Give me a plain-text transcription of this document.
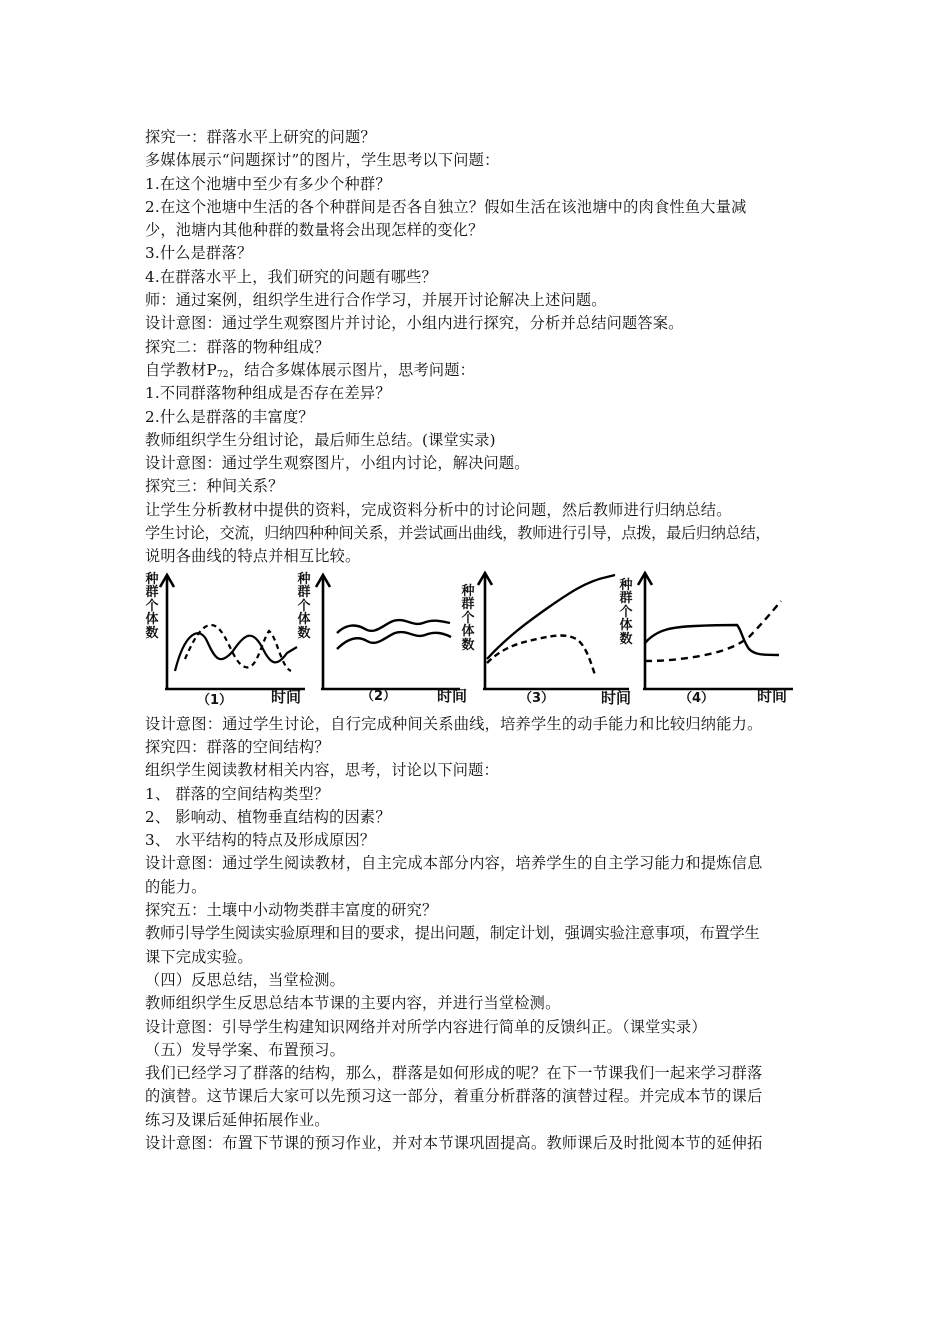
探究一：群落水平上研究的问题？
多媒体展示“问题探讨”的图片，学生思考以下问题：
1.在这个池塘中至少有多少个种群？
2.在这个池塘中生活的各个种群间是否各自独立？假如生活在该池塘中的肉食性鱼大量减
少，池塘内其他种群的数量将会出现怎样的变化？
3.什么是群落？
4.在群落水平上，我们研究的问题有哪些？
师：通过案例，组织学生进行合作学习，并展开讨论解决上述问题。
设计意图：通过学生观察图片并讨论，小组内进行探究，分析并总结问题答案。
探究二：群落的物种组成？
自学教材$P_{72}$，结合多媒体展示图片，思考问题：
1.不同群落物种组成是否存在差异？
2.什么是群落的丰富度？
教师组织学生分组讨论，最后师生总结。(课堂实录)
设计意图：通过学生观察图片，小组内讨论，解决问题。
探究三：种间关系？
让学生分析教材中提供的资料，完成资料分析中的讨论问题，然后教师进行归纳总结。
学生讨论，交流，归纳四种种间关系，并尝试画出曲线，教师进行引导，点拨，最后归纳总结，
说明各曲线的特点并相互比较。
种群个体数
（1）	时间
种群个体数
（2）	时间
种群个体数
（3）	时间
种群个体数
（4）	时间
设计意图：通过学生讨论，自行完成种间关系曲线，培养学生的动手能力和比较归纳能力。
探究四：群落的空间结构？
组织学生阅读教材相关内容，思考，讨论以下问题：
1、 群落的空间结构类型？
2、 影响动、植物垂直结构的因素？
3、 水平结构的特点及形成原因？
设计意图：通过学生阅读教材，自主完成本部分内容，培养学生的自主学习能力和提炼信息
的能力。
探究五：土壤中小动物类群丰富度的研究？
教师引导学生阅读实验原理和目的要求，提出问题，制定计划，强调实验注意事项，布置学生
课下完成实验。
（四）反思总结，当堂检测。
教师组织学生反思总结本节课的主要内容，并进行当堂检测。
设计意图：引导学生构建知识网络并对所学内容进行简单的反馈纠正。（课堂实录）
（五）发导学案、布置预习。
我们已经学习了群落的结构，那么，群落是如何形成的呢？在下一节课我们一起来学习群落
的演替。这节课后大家可以先预习这一部分，着重分析群落的演替过程。并完成本节的课后
练习及课后延伸拓展作业。
设计意图：布置下节课的预习作业，并对本节课巩固提高。教师课后及时批阅本节的延伸拓
